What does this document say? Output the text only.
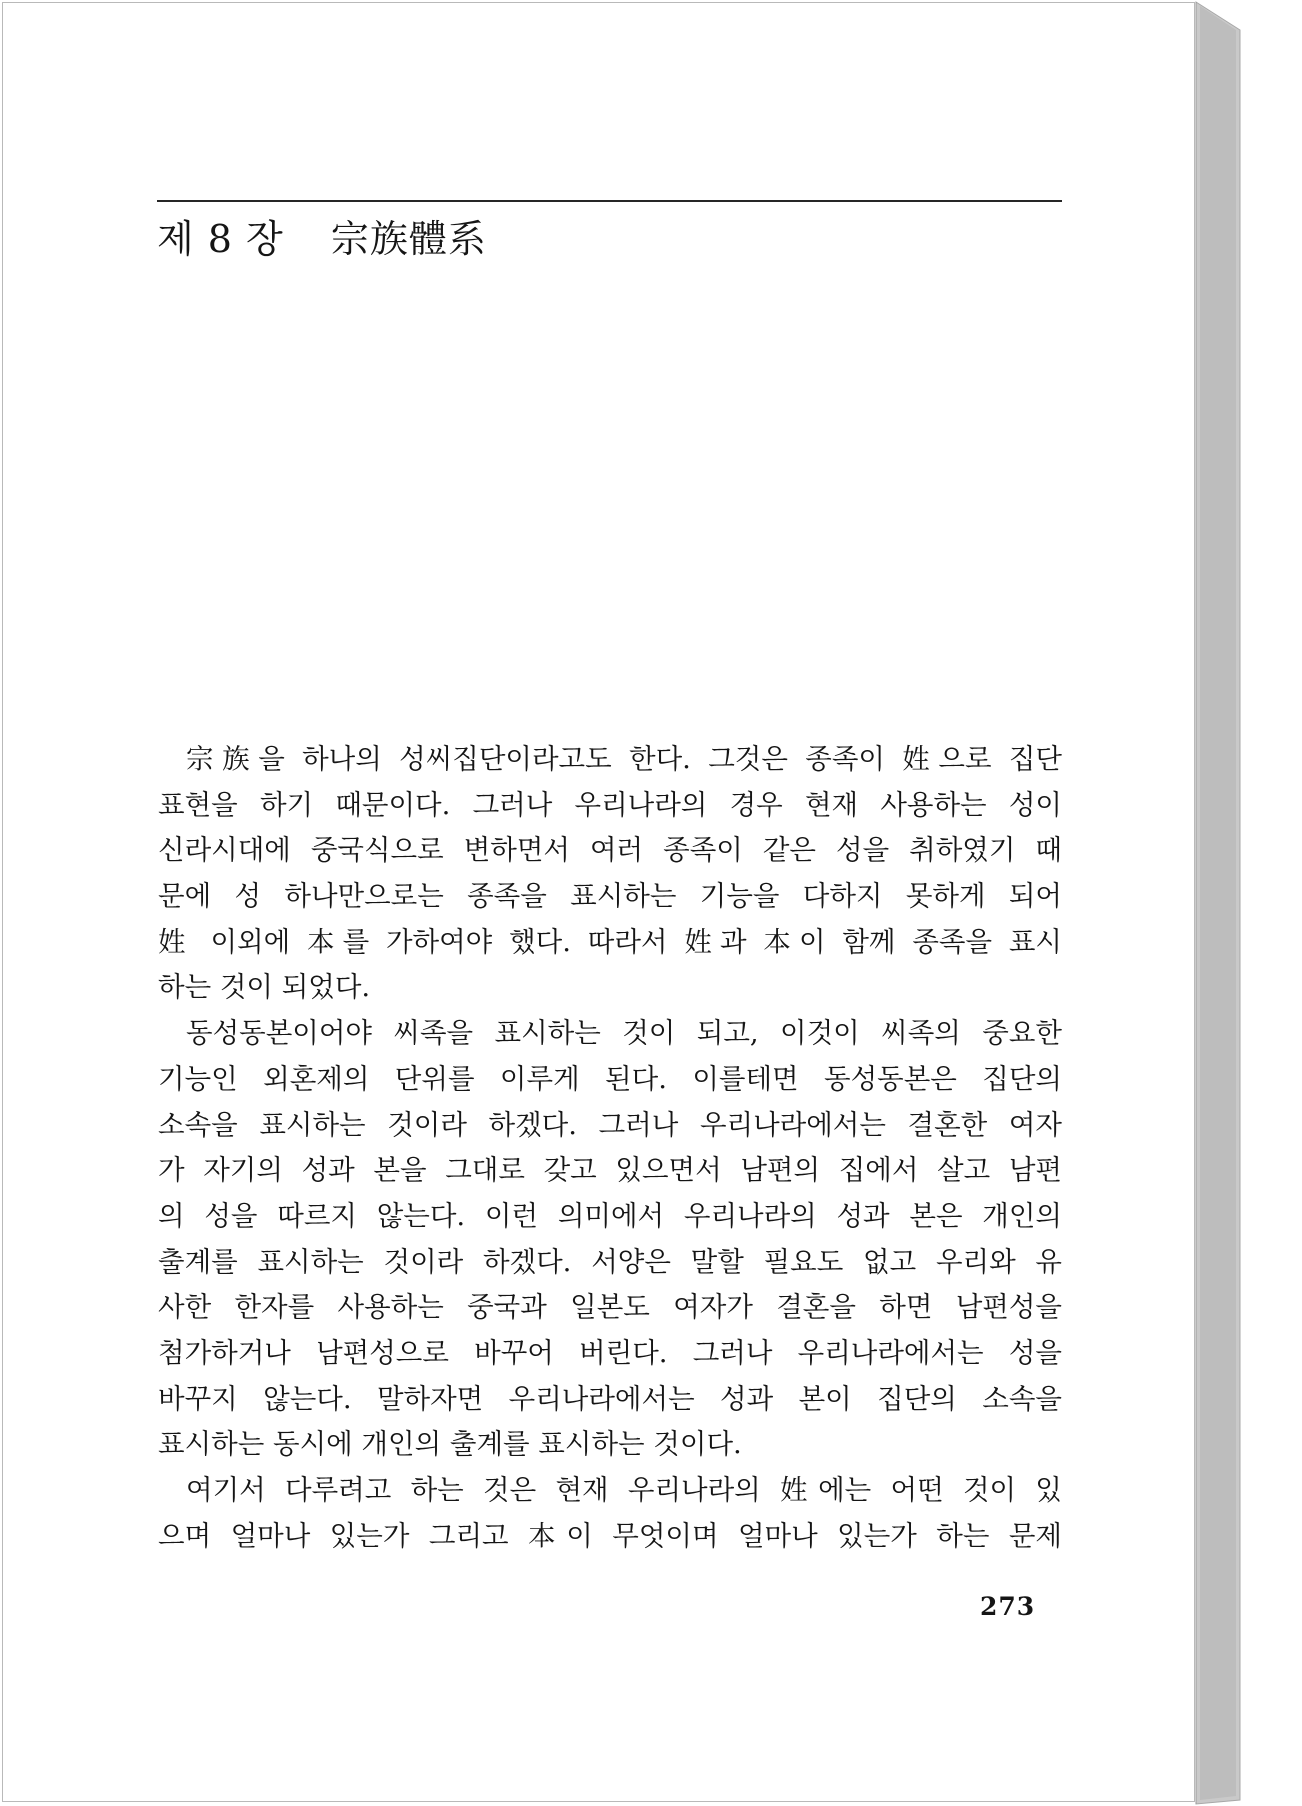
제 8 장 宗族體系
宗族을 하나의 성씨집단이라고도 한다. 그것은 종족이 姓으로 집단
표현을 하기 때문이다. 그러나 우리나라의 경우 현재 사용하는 성이
신라시대에 중국식으로 변하면서 여러 종족이 같은 성을 취하였기 때
문에 성 하나만으로는 종족을 표시하는 기능을 다하지 못하게 되어
姓 이외에 本를 가하여야 했다. 따라서 姓과 本이 함께 종족을 표시
하는 것이 되었다.
동성동본이어야 씨족을 표시하는 것이 되고, 이것이 씨족의 중요한
기능인 외혼제의 단위를 이루게 된다. 이를테면 동성동본은 집단의
소속을 표시하는 것이라 하겠다. 그러나 우리나라에서는 결혼한 여자
가 자기의 성과 본을 그대로 갖고 있으면서 남편의 집에서 살고 남편
의 성을 따르지 않는다. 이런 의미에서 우리나라의 성과 본은 개인의
출계를 표시하는 것이라 하겠다. 서양은 말할 필요도 없고 우리와 유
사한 한자를 사용하는 중국과 일본도 여자가 결혼을 하면 남편성을
첨가하거나 남편성으로 바꾸어 버린다. 그러나 우리나라에서는 성을
바꾸지 않는다. 말하자면 우리나라에서는 성과 본이 집단의 소속을
표시하는 동시에 개인의 출계를 표시하는 것이다.
여기서 다루려고 하는 것은 현재 우리나라의 姓에는 어떤 것이 있
으며 얼마나 있는가 그리고 本이 무엇이며 얼마나 있는가 하는 문제
273
